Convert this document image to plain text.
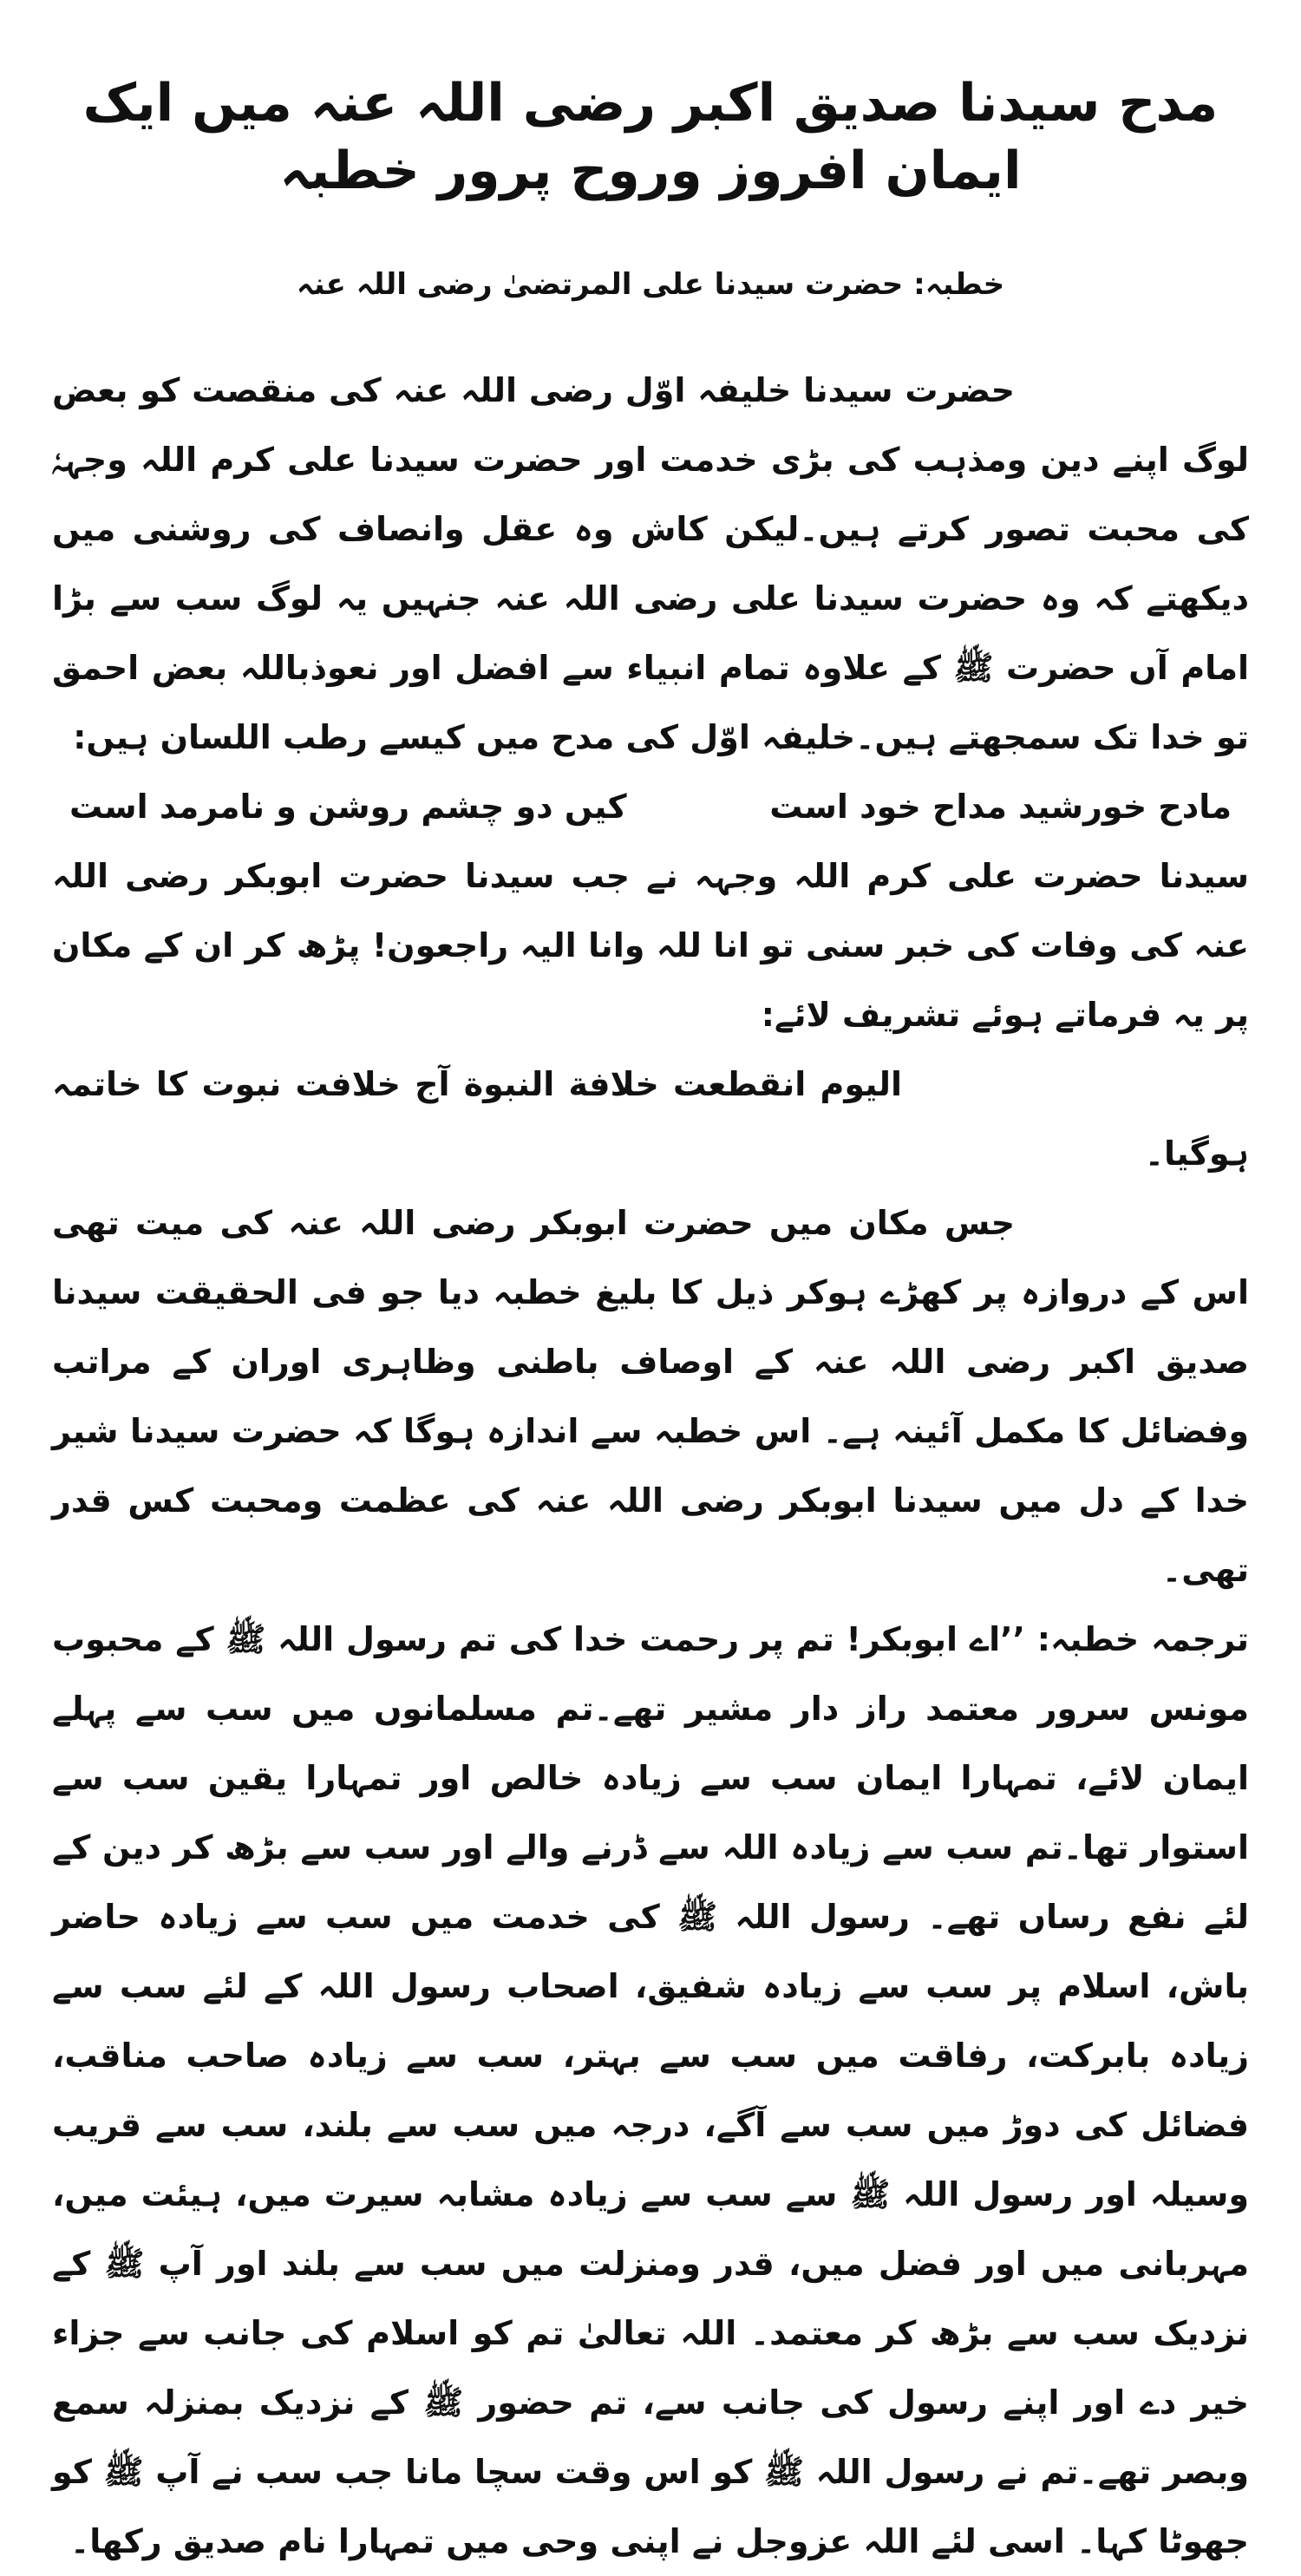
مدح سیدنا صدیق اکبر رضی اللہ عنہ میں ایک ایمان افروز وروح پرور خطبہ
خطبہ: حضرت سیدنا علی المرتضیٰ رضی اللہ عنہ

حضرت سیدنا خلیفہ اوّل رضی اللہ عنہ کی منقصت کو بعض لوگ اپنے دین ومذہب کی بڑی خدمت اور حضرت سیدنا علی کرم اللہ وجہہٗ کی محبت تصور کرتے ہیں۔لیکن کاش وہ عقل وانصاف کی روشنی میں دیکھتے کہ وہ حضرت سیدنا علی رضی اللہ عنہ جنہیں یہ لوگ سب سے بڑا امام آں حضرت ﷺ کے علاوہ تمام انبیاء سے افضل اور نعوذباللہ بعض احمق تو خدا تک سمجھتے ہیں۔خلیفہ اوّل کی مدح میں کیسے رطب اللسان ہیں:

مادح خورشید مداح خود است
کیں دو چشم روشن و نامرمد است

سیدنا حضرت علی کرم اللہ وجہہ نے جب سیدنا حضرت ابوبکر رضی اللہ عنہ کی وفات کی خبر سنی تو انا للہ وانا الیہ راجعون! پڑھ کر ان کے مکان پر یہ فرماتے ہوئے تشریف لائے:

الیوم انقطعت خلافة النبوة آج خلافت نبوت کا خاتمہ ہوگیا۔

جس مکان میں حضرت ابوبکر رضی اللہ عنہ کی میت تھی اس کے دروازہ پر کھڑے ہوکر ذیل کا بلیغ خطبہ دیا جو فی الحقیقت سیدنا صدیق اکبر رضی اللہ عنہ کے اوصاف باطنی وظاہری اوران کے مراتب وفضائل کا مکمل آئینہ ہے۔ اس خطبہ سے اندازہ ہوگا کہ حضرت سیدنا شیر خدا کے دل میں سیدنا ابوبکر رضی اللہ عنہ کی عظمت ومحبت کس قدر تھی۔

ترجمہ خطبہ: ’’اے ابوبکر! تم پر رحمت خدا کی تم رسول اللہ ﷺ کے محبوب مونس سرور معتمد راز دار مشیر تھے۔تم مسلمانوں میں سب سے پہلے ایمان لائے، تمہارا ایمان سب سے زیادہ خالص اور تمہارا یقین سب سے استوار تھا۔تم سب سے زیادہ اللہ سے ڈرنے والے اور سب سے بڑھ کر دین کے لئے نفع رساں تھے۔ رسول اللہ ﷺ کی خدمت میں سب سے زیادہ حاضر باش، اسلام پر سب سے زیادہ شفیق، اصحاب رسول اللہ کے لئے سب سے زیادہ بابرکت، رفاقت میں سب سے بہتر، سب سے زیادہ صاحب مناقب، فضائل کی دوڑ میں سب سے آگے، درجہ میں سب سے بلند، سب سے قریب وسیلہ اور رسول اللہ ﷺ سے سب سے زیادہ مشابہ سیرت میں، ہیئت میں، مہربانی میں اور فضل میں، قدر ومنزلت میں سب سے بلند اور آپ ﷺ کے نزدیک سب سے بڑھ کر معتمد۔ اللہ تعالیٰ تم کو اسلام کی جانب سے جزاء خیر دے اور اپنے رسول کی جانب سے، تم حضور ﷺ کے نزدیک بمنزلہ سمع وبصر تھے۔تم نے رسول اللہ ﷺ کو اس وقت سچا مانا جب سب نے آپ ﷺ کو جھوٹا کہا۔ اسی لئے اللہ عزوجل نے اپنی وحی میں تمہارا نام صدیق رکھا۔
